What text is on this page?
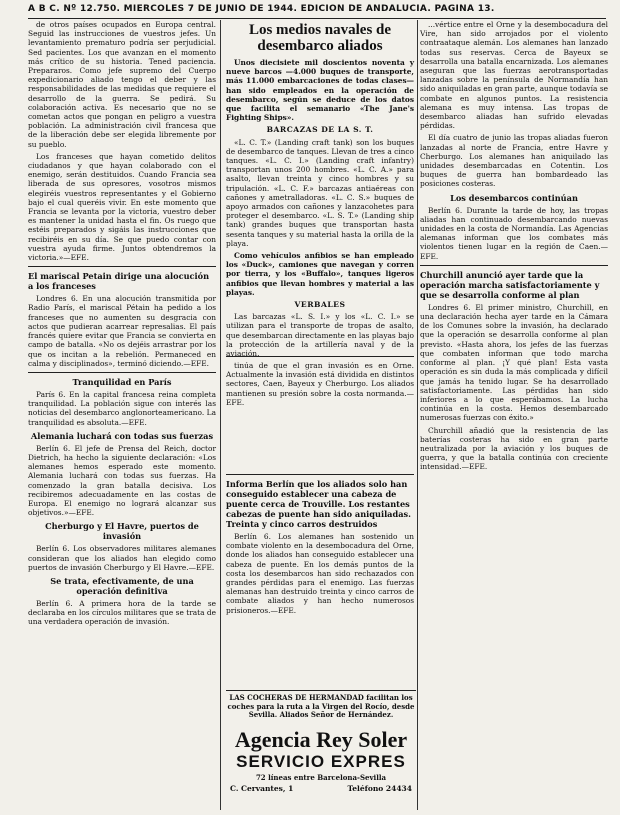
A B C. Nº 12.750. MIERCOLES 7 DE JUNIO DE 1944. EDICION DE ANDALUCIA. PAGINA 13.

de otros países ocupados en Europa central. Seguid las instrucciones de vuestros jefes. Un levantamiento prematuro podría ser perjudicial. Sed pacientes. Los que avanzan en el momento más crítico de su historia. Tened paciencia. Prepararos. Como jefe supremo del Cuerpo expedicionario aliado tengo el deber y las responsabilidades de las medidas que requiere el desarrollo de la guerra. Se pedirá. Su colaboración activa. Es necesario que no se cometan actos que pongan en peligro a vuestra población. La administración civil francesa que de la liberación debe ser elegida libremente por su pueblo.

Los franceses que hayan cometido delitos ciudadanos y que hayan colaborado con el enemigo, serán destituidos. Cuando Francia sea liberada de sus opresores, vosotros mismos elegiréis vuestros representantes y el Gobierno bajo el cual queréis vivir. En este momento que Francia se levanta por la victoria, vuestro deber es mantener la unidad hasta el fin. Os ruego que estéis preparados y sigáis las instrucciones que recibiréis en su día. Se que puedo contar con vuestra ayuda firme. Juntos obtendremos la victoria.»—EFE.

El mariscal Petain dirige una alocución a los franceses

Londres 6. En una alocución transmitida por Radio París, el mariscal Pétain ha pedido a los franceses que no aumenten su desgracia con actos que pudieran acarrear represalias. El país francés quiere evitar que Francia se convierta en campo de batalla. «No os dejéis arrastrar por los que os incitan a la rebelión. Permaneced en calma y disciplinados», terminó diciendo.—EFE.

Tranquilidad en París

París 6. En la capital francesa reina completa tranquilidad. La población sigue con interés las noticias del desembarco anglonorteamericano. La tranquilidad es absoluta.—EFE.

Alemania luchará con todas sus fuerzas

Berlín 6. El jefe de Prensa del Reich, doctor Dietrich, ha hecho la siguiente declaración: «Los alemanes hemos esperado este momento. Alemania luchará con todas sus fuerzas. Ha comenzado la gran batalla decisiva. Los recibiremos adecuadamente en las costas de Europa. El enemigo no logrará alcanzar sus objetivos.»—EFE.

Cherburgo y El Havre, puertos de invasión

Berlín 6. Los observadores militares alemanes consideran que los aliados han elegido como puertos de invasión Cherburgo y El Havre.—EFE.

Se trata, efectivamente, de una operación definitiva

Berlín 6. A primera hora de la tarde se declaraba en los círculos militares que se trata de una verdadera operación de invasión.

Los medios navales de desembarco aliados

Unos diecisiete mil doscientos noventa y nueve barcos —4.000 buques de transporte, más 11.000 embarcaciones de todas clases— han sido empleados en la operación de desembarco, según se deduce de los datos que facilita el semanario «The Jane's Fighting Ships».

BARCAZAS DE LA S. T.

«L. C. T.» (Landing craft tank) son los buques de desembarco de tanques. Llevan de tres a cinco tanques. «L. C. I.» (Landing craft infantry) transportan unos 200 hombres. «L. C. A.» para asalto, llevan treinta y cinco hombres y su tripulación. «L. C. F.» barcazas antiaéreas con cañones y ametralladoras. «L. C. S.» buques de apoyo armados con cañones y lanzacohetes para proteger el desembarco. «L. S. T.» (Landing ship tank) grandes buques que transportan hasta sesenta tanques y su material hasta la orilla de la playa.

Como vehículos anfibios se han empleado los «Duck», camiones que navegan y corren por tierra, y los «Buffalo», tanques ligeros anfibios que llevan hombres y material a las playas.

VERBALES

Las barcazas «L. S. I.» y los «L. C. I.» se utilizan para el transporte de tropas de asalto, que desembarcan directamente en las playas bajo la protección de la artillería naval y de la aviación.

tinúa de que el gran invasión es en Orne. Actualmente la invasión está dividida en distintos sectores, Caen, Bayeux y Cherburgo. Los aliados mantienen su presión sobre la costa normanda.—EFE.

Informa Berlín que los aliados solo han conseguido establecer una cabeza de puente cerca de Trouville. Los restantes cabezas de puente han sido aniquiladas. Treinta y cinco carros destruidos

Berlín 6. Los alemanes han sostenido un combate violento en la desembocadura del Orne, donde los aliados han conseguido establecer una cabeza de puente. En los demás puntos de la costa los desembarcos han sido rechazados con grandes pérdidas para el enemigo. Las fuerzas alemanas han destruido treinta y cinco carros de combate aliados y han hecho numerosos prisioneros.—EFE.

LAS COCHERAS DE HERMANDAD facilitan los coches para la ruta a la Virgen del Rocío, desde Sevilla. Aliados Señor de Hernández.
Agencia Rey Soler
SERVICIO EXPRES
72 líneas entre Barcelona-Sevilla
C. Cervantes, 1	Teléfono 24434

...vértice entre el Orne y la desembocadura del Vire, han sido arrojados por el violento contraataque alemán. Los alemanes han lanzado todas sus reservas. Cerca de Bayeux se desarrolla una batalla encarnizada. Los alemanes aseguran que las fuerzas aerotransportadas lanzadas sobre la península de Normandía han sido aniquiladas en gran parte, aunque todavía se combate en algunos puntos. La resistencia alemana es muy intensa. Las tropas de desembarco aliadas han sufrido elevadas pérdidas.

El día cuatro de junio las tropas aliadas fueron lanzadas al norte de Francia, entre Havre y Cherburgo. Los alemanes han aniquilado las unidades desembarcadas en Cotentin. Los buques de guerra han bombardeado las posiciones costeras.

Los desembarcos continúan

Berlín 6. Durante la tarde de hoy, las tropas aliadas han continuado desembarcando nuevas unidades en la costa de Normandía. Las Agencias alemanas informan que los combates más violentos tienen lugar en la región de Caen.—EFE.

Churchill anunció ayer tarde que la operación marcha satisfactoriamente y que se desarrolla conforme al plan

Londres 6. El primer ministro, Churchill, en una declaración hecha ayer tarde en la Cámara de los Comunes sobre la invasión, ha declarado que la operación se desarrolla conforme al plan previsto. «Hasta ahora, los jefes de las fuerzas que combaten informan que todo marcha conforme al plan. ¡Y qué plan! Esta vasta operación es sin duda la más complicada y difícil que jamás ha tenido lugar. Se ha desarrollado satisfactoriamente. Las pérdidas han sido inferiores a lo que esperábamos. La lucha continúa en la costa. Hemos desembarcado numerosas fuerzas con éxito.»

Churchill añadió que la resistencia de las baterías costeras ha sido en gran parte neutralizada por la aviación y los buques de guerra, y que la batalla continúa con creciente intensidad.—EFE.
